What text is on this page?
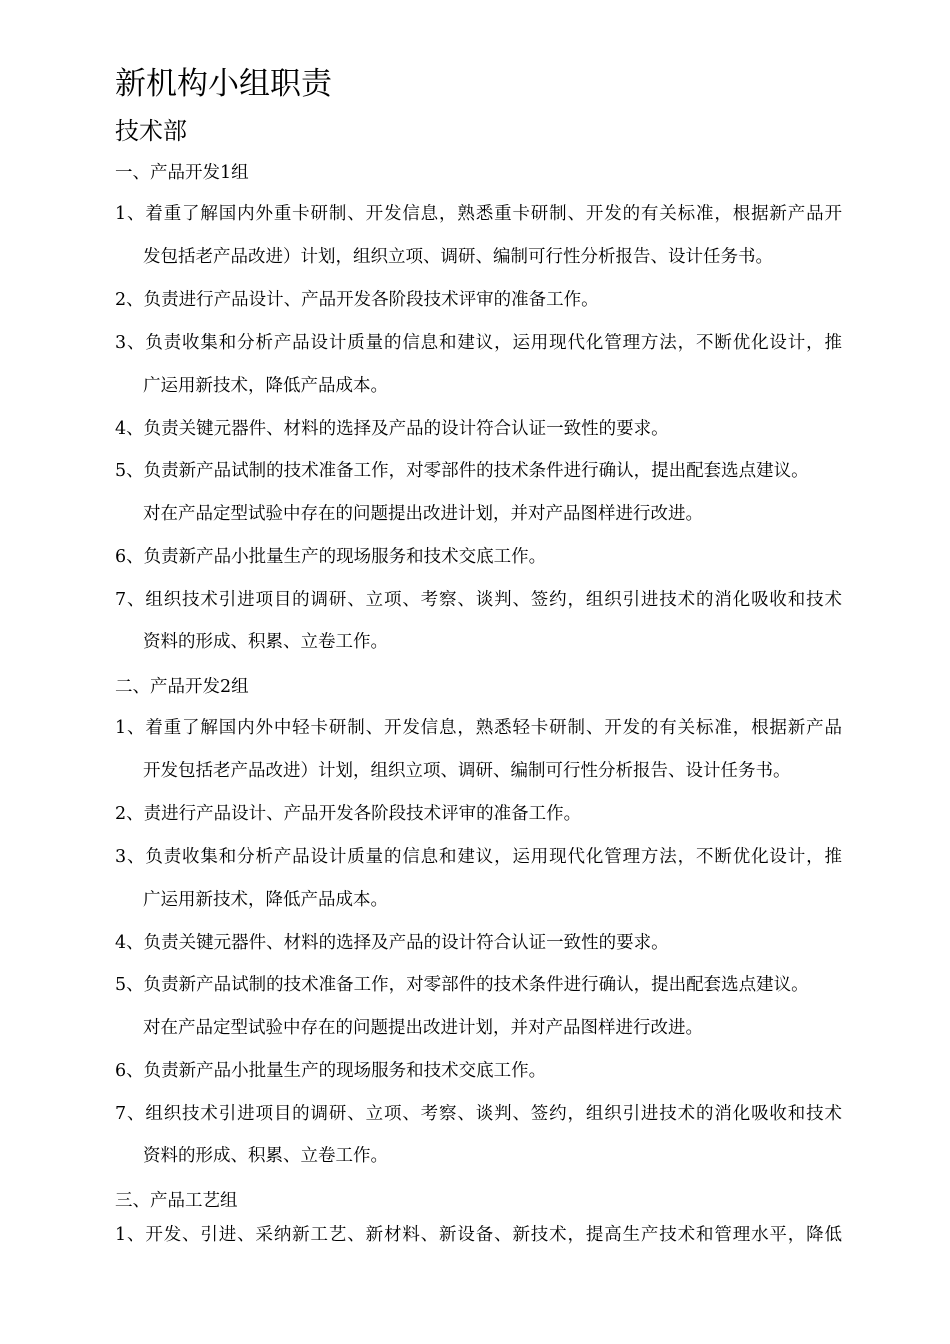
新机构小组职责
技术部

一、产品开发1组

1、着重了解国内外重卡研制、开发信息，熟悉重卡研制、开发的有关标准，根据新产品开

发包括老产品改进）计划，组织立项、调研、编制可行性分析报告、设计任务书。

2、负责进行产品设计、产品开发各阶段技术评审的准备工作。

3、负责收集和分析产品设计质量的信息和建议，运用现代化管理方法，不断优化设计，推

广运用新技术，降低产品成本。

4、负责关键元器件、材料的选择及产品的设计符合认证一致性的要求。

5、负责新产品试制的技术准备工作，对零部件的技术条件进行确认，提出配套选点建议。

对在产品定型试验中存在的问题提出改进计划，并对产品图样进行改进。

6、负责新产品小批量生产的现场服务和技术交底工作。

7、组织技术引进项目的调研、立项、考察、谈判、签约，组织引进技术的消化吸收和技术

资料的形成、积累、立卷工作。

二、产品开发2组

1、着重了解国内外中轻卡研制、开发信息，熟悉轻卡研制、开发的有关标准，根据新产品

开发包括老产品改进）计划，组织立项、调研、编制可行性分析报告、设计任务书。

2、责进行产品设计、产品开发各阶段技术评审的准备工作。

3、负责收集和分析产品设计质量的信息和建议，运用现代化管理方法，不断优化设计，推

广运用新技术，降低产品成本。

4、负责关键元器件、材料的选择及产品的设计符合认证一致性的要求。

5、负责新产品试制的技术准备工作，对零部件的技术条件进行确认，提出配套选点建议。

对在产品定型试验中存在的问题提出改进计划，并对产品图样进行改进。

6、负责新产品小批量生产的现场服务和技术交底工作。

7、组织技术引进项目的调研、立项、考察、谈判、签约，组织引进技术的消化吸收和技术

资料的形成、积累、立卷工作。

三、产品工艺组

1、开发、引进、采纳新工艺、新材料、新设备、新技术，提高生产技术和管理水平，降低
